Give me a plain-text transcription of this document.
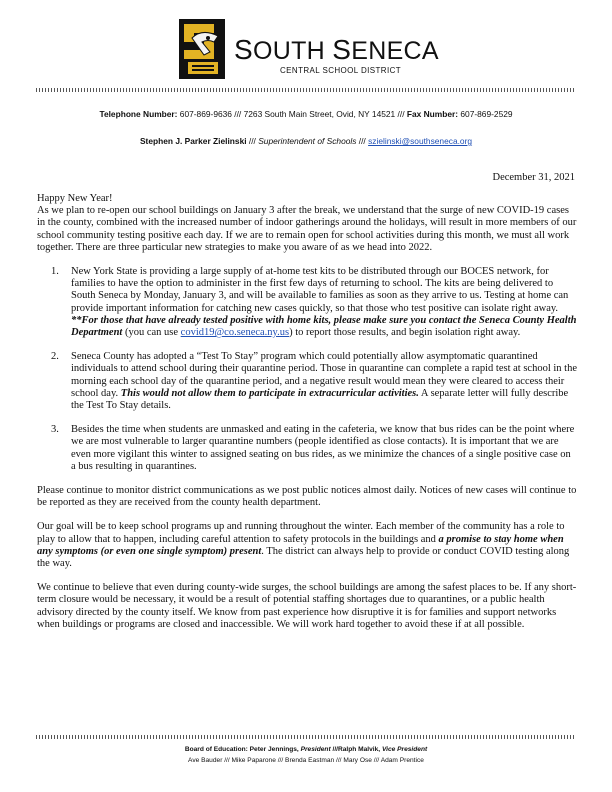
SOUTH SENECA
CENTRAL SCHOOL DISTRICT
Telephone Number: 607-869-9636 /// 7263 South Main Street, Ovid, NY 14521 /// Fax Number: 607-869-2529
Stephen J. Parker Zielinski /// Superintendent of Schools /// szielinski@southseneca.org
December 31, 2021

Happy New Year!

As we plan to re-open our school buildings on January 3 after the break, we understand that the surge of new COVID-19 cases in the county, combined with the increased number of indoor gatherings around the holidays, will result in more members of our school community testing positive each day. If we are to remain open for school activities during this month, we must all work together. There are three particular new strategies to make you aware of as we head into 2022.

1. New York State is providing a large supply of at-home test kits to be distributed through our BOCES network, for families to have the option to administer in the first few days of returning to school. The kits are being delivered to South Seneca by Monday, January 3, and will be available to families as soon as they arrive to us. Testing at home can provide important information for catching new cases quickly, so that those who test positive can isolate right away.

**For those that have already tested positive with home kits, please make sure you contact the Seneca County Health Department (you can use covid19@co.seneca.ny.us) to report those results, and begin isolation right away.

2. Seneca County has adopted a “Test To Stay” program which could potentially allow asymptomatic quarantined individuals to attend school during their quarantine period. Those in quarantine can complete a rapid test at school in the morning each school day of the quarantine period, and a negative result would mean they were cleared to access their school day. This would not allow them to participate in extracurricular activities. A separate letter will fully describe the Test To Stay details.

3. Besides the time when students are unmasked and eating in the cafeteria, we know that bus rides can be the point where we are most vulnerable to larger quarantine numbers (people identified as close contacts). It is important that we are even more vigilant this winter to assigned seating on bus rides, as we minimize the chances of a single positive case on a bus resulting in quarantines.

Please continue to monitor district communications as we post public notices almost daily. Notices of new cases will continue to be reported as they are received from the county health department.

Our goal will be to keep school programs up and running throughout the winter. Each member of the community has a role to play to allow that to happen, including careful attention to safety protocols in the buildings and a promise to stay home when any symptoms (or even one single symptom) present. The district can always help to provide or conduct COVID testing along the way.

We continue to believe that even during county-wide surges, the school buildings are among the safest places to be. If any short-term closure would be necessary, it would be a result of potential staffing shortages due to quarantines, or a public health advisory directed by the county itself. We know from past experience how disruptive it is for families and support networks when buildings or programs are closed and inaccessible. We will work hard together to avoid these if at all possible.

Board of Education: Peter Jennings, President ///Ralph Malvik, Vice President
Ave Bauder /// Mike Paparone /// Brenda Eastman /// Mary Ose /// Adam Prentice
